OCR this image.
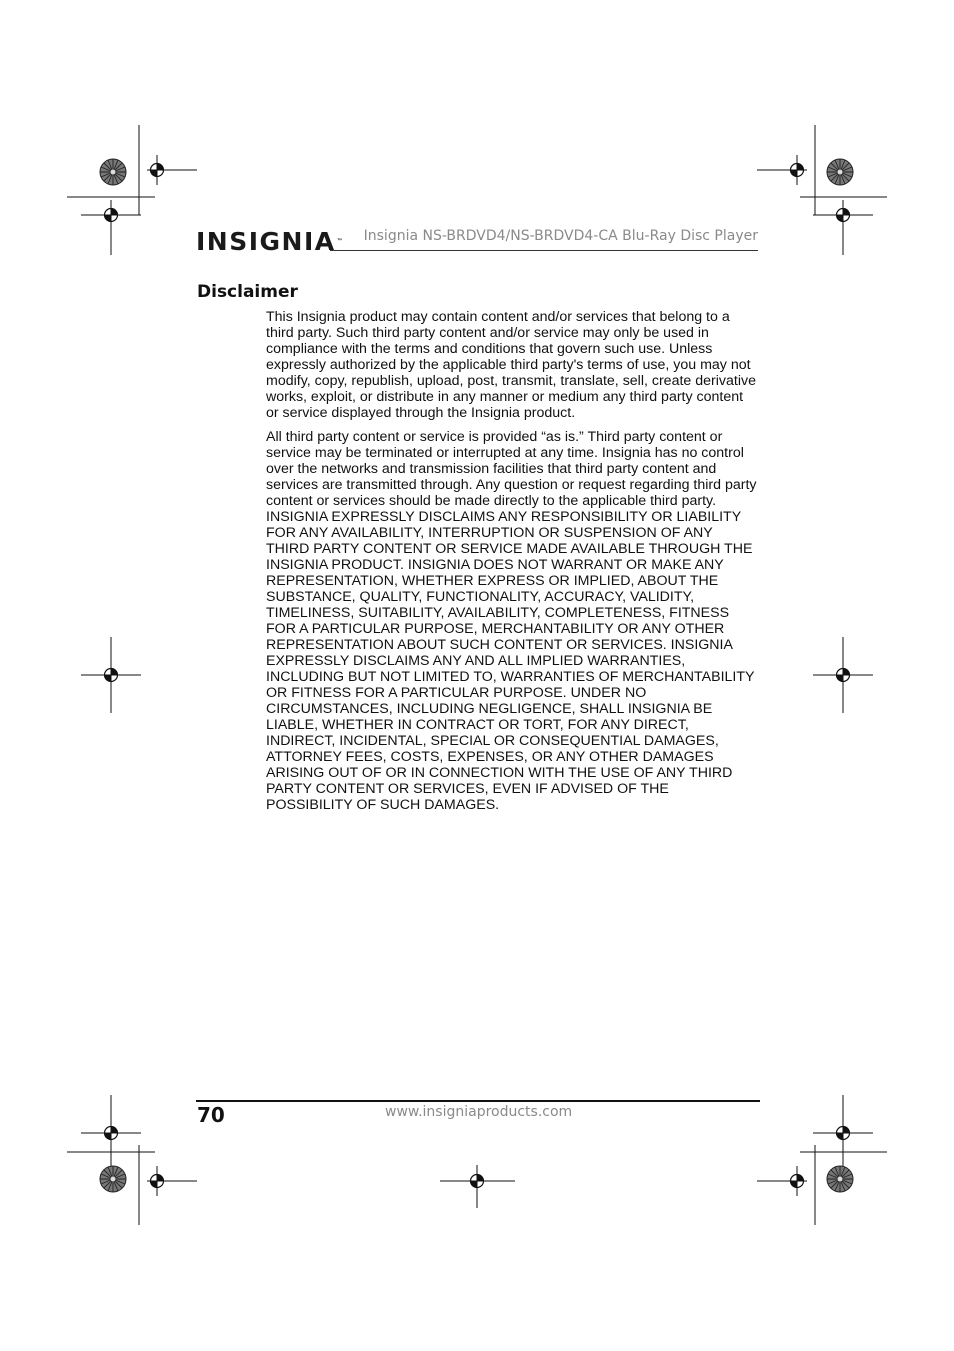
INSIGNIA™ Insignia NS-BRDVD4/NS-BRDVD4-CA Blu-Ray Disc Player
Disclaimer

This Insignia product may contain content and/or services that belong to a third party. Such third party content and/or service may only be used in compliance with the terms and conditions that govern such use. Unless expressly authorized by the applicable third party's terms of use, you may not modify, copy, republish, upload, post, transmit, translate, sell, create derivative works, exploit, or distribute in any manner or medium any third party content or service displayed through the Insignia product.

All third party content or service is provided “as is.” Third party content or service may be terminated or interrupted at any time. Insignia has no control over the networks and transmission facilities that third party content and services are transmitted through. Any question or request regarding third party content or services should be made directly to the applicable third party. INSIGNIA EXPRESSLY DISCLAIMS ANY RESPONSIBILITY OR LIABILITY FOR ANY AVAILABILITY, INTERRUPTION OR SUSPENSION OF ANY THIRD PARTY CONTENT OR SERVICE MADE AVAILABLE THROUGH THE INSIGNIA PRODUCT. INSIGNIA DOES NOT WARRANT OR MAKE ANY REPRESENTATION, WHETHER EXPRESS OR IMPLIED, ABOUT THE SUBSTANCE, QUALITY, FUNCTIONALITY, ACCURACY, VALIDITY, TIMELINESS, SUITABILITY, AVAILABILITY, COMPLETENESS, FITNESS FOR A PARTICULAR PURPOSE, MERCHANTABILITY OR ANY OTHER REPRESENTATION ABOUT SUCH CONTENT OR SERVICES. INSIGNIA EXPRESSLY DISCLAIMS ANY AND ALL IMPLIED WARRANTIES, INCLUDING BUT NOT LIMITED TO, WARRANTIES OF MERCHANTABILITY OR FITNESS FOR A PARTICULAR PURPOSE. UNDER NO CIRCUMSTANCES, INCLUDING NEGLIGENCE, SHALL INSIGNIA BE LIABLE, WHETHER IN CONTRACT OR TORT, FOR ANY DIRECT, INDIRECT, INCIDENTAL, SPECIAL OR CONSEQUENTIAL DAMAGES, ATTORNEY FEES, COSTS, EXPENSES, OR ANY OTHER DAMAGES ARISING OUT OF OR IN CONNECTION WITH THE USE OF ANY THIRD PARTY CONTENT OR SERVICES, EVEN IF ADVISED OF THE POSSIBILITY OF SUCH DAMAGES.

70	www.insigniaproducts.com
